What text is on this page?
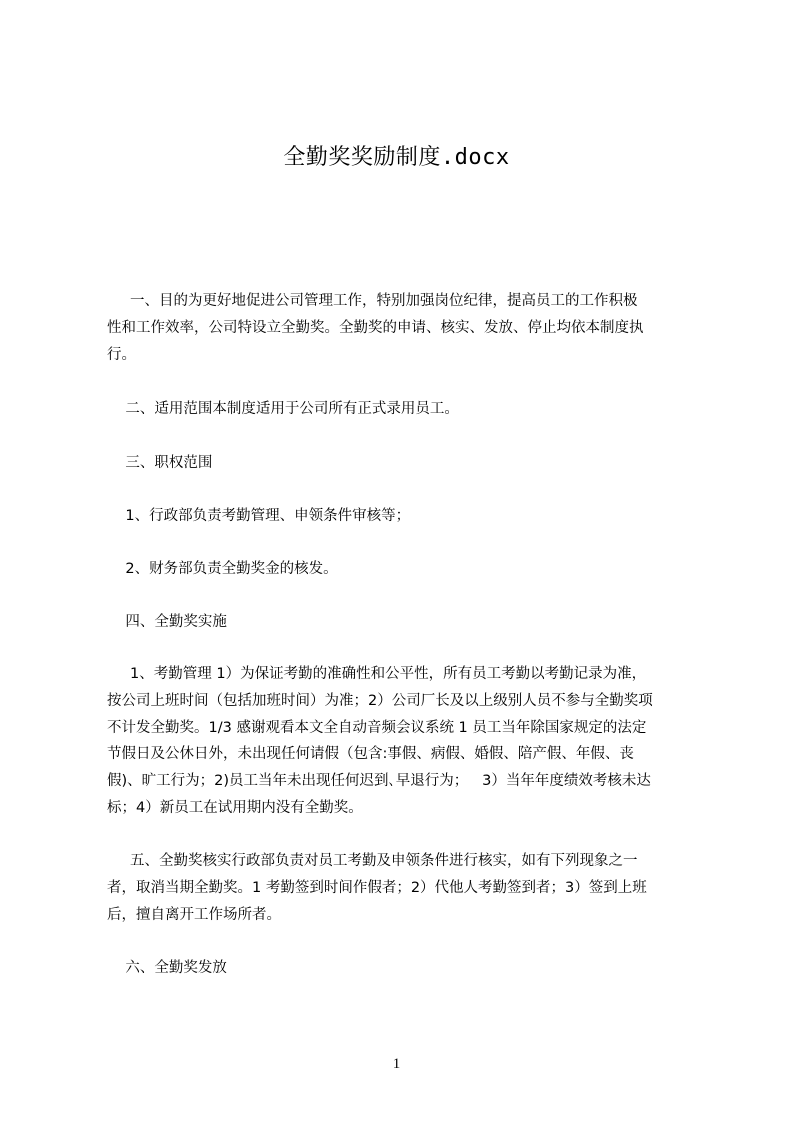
全勤奖奖励制度.docx

一、目的为更好地促进公司管理工作，特别加强岗位纪律，提高员工的工作积极
性和工作效率，公司特设立全勤奖。全勤奖的申请、核实、发放、停止均依本制度执
行。

二、适用范围本制度适用于公司所有正式录用员工。

三、职权范围

1、行政部负责考勤管理、申领条件审核等；

2、财务部负责全勤奖金的核发。

四、全勤奖实施

1、考勤管理 1）为保证考勤的准确性和公平性，所有员工考勤以考勤记录为准，
按公司上班时间（包括加班时间）为准；2）公司厂长及以上级别人员不参与全勤奖项
不计发全勤奖。1/3 感谢观看本文全自动音频会议系统 1 员工当年除国家规定的法定
节假日及公休日外，未出现任何请假（包含:事假、病假、婚假、陪产假、年假、丧
假)、旷工行为；2)员工当年未出现任何迟到､早退行为；   3）当年年度绩效考核未达
标；4）新员工在试用期内没有全勤奖。

五、全勤奖核实行政部负责对员工考勤及申领条件进行核实，如有下列现象之一
者，取消当期全勤奖。1 考勤签到时间作假者；2）代他人考勤签到者；3）签到上班
后，擅自离开工作场所者。

六、全勤奖发放

1
